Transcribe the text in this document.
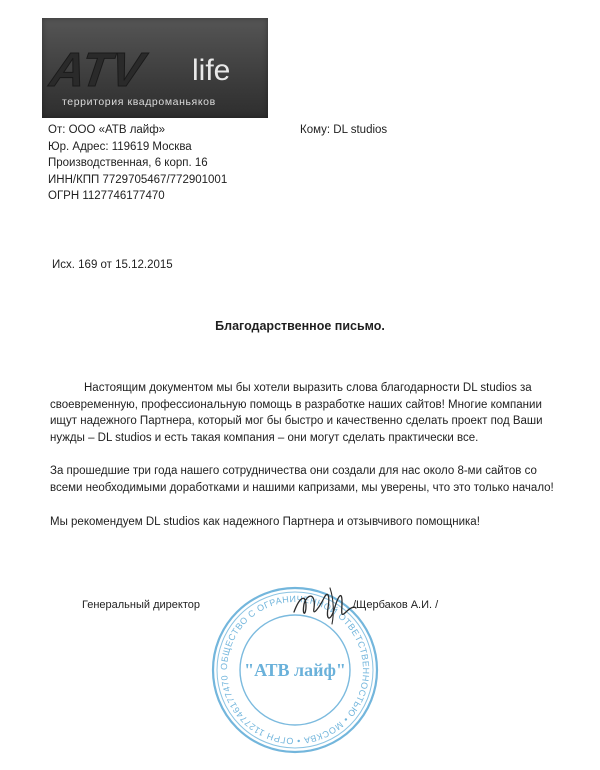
ATV life
территория квадроманьяков
От: ООО «АТВ лайф»
Юр. Адрес: 119619 Москва
Производственная, 6 корп. 16
ИНН/КПП 7729705467/772901001
ОГРН 1127746177470
Кому: DL studios
Исх. 169 от 15.12.2015
Благодарственное письмо.

Настоящим документом мы бы хотели выразить слова благодарности DL studios за своевременную, профессиональную помощь в разработке наших сайтов! Многие компании ищут надежного Партнера, который мог бы быстро и качественно сделать проект под Ваши нужды – DL studios и есть такая компания – они могут сделать практически все.

За прошедшие три года нашего сотрудничества они создали для нас около 8-ми сайтов со всеми необходимыми доработками и нашими капризами, мы уверены, что это только начало!

Мы рекомендуем DL studios как надежного Партнера и отзывчивого помощника!

Генеральный директор
ОБЩЕСТВО С ОГРАНИЧЕННОЙ ОТВЕТСТВЕННОСТЬЮ • МОСКВА • ОГРН 1127746177470 "АТВ лайф"
/Щербаков А.И. /
